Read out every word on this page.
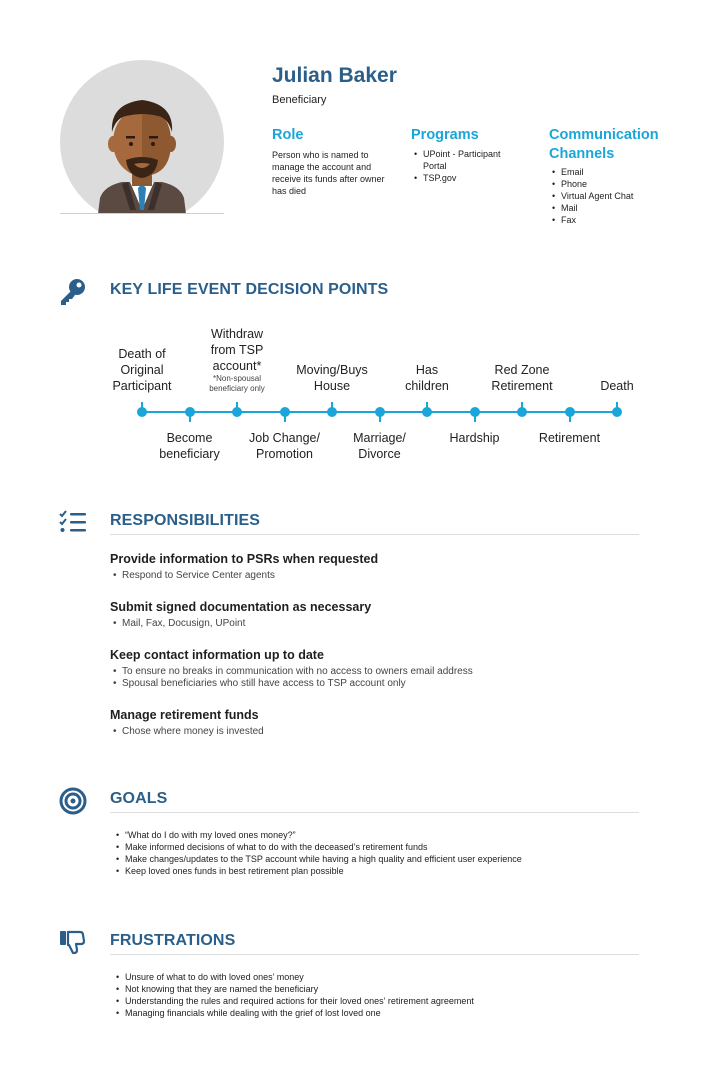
Julian Baker
Beneficiary
Role
Person who is named to manage the account and receive its funds after owner has died
Programs
• UPoint - Participant Portal
• TSP.gov
Communication Channels
• Email
• Phone
• Virtual Agent Chat
• Mail
• Fax
KEY LIFE EVENT DECISION POINTS
Death of
Original
Participant
Become
beneficiary
Withdraw
from TSP
account*
*Non-spousal
beneficiary only
Job Change/
Promotion
Moving/Buys
House
Marriage/
Divorce
Has
children
Hardship
Red Zone
Retirement
Retirement
Death
RESPONSIBILITIES
Provide information to PSRs when requested
• Respond to Service Center agents
Submit signed documentation as necessary
• Mail, Fax, Docusign, UPoint
Keep contact information up to date
• To ensure no breaks in communication with no access to owners email address
• Spousal beneficiaries who still have access to TSP account only
Manage retirement funds
• Chose where money is invested
GOALS
• “What do I do with my loved ones money?”
• Make informed decisions of what to do with the deceased’s retirement funds
• Make changes/updates to the TSP account while having a high quality and efficient user experience
• Keep loved ones funds in best retirement plan possible
FRUSTRATIONS
• Unsure of what to do with loved ones’ money
• Not knowing that they are named the beneficiary
• Understanding the rules and required actions for their loved ones’ retirement agreement
• Managing financials while dealing with the grief of lost loved one
